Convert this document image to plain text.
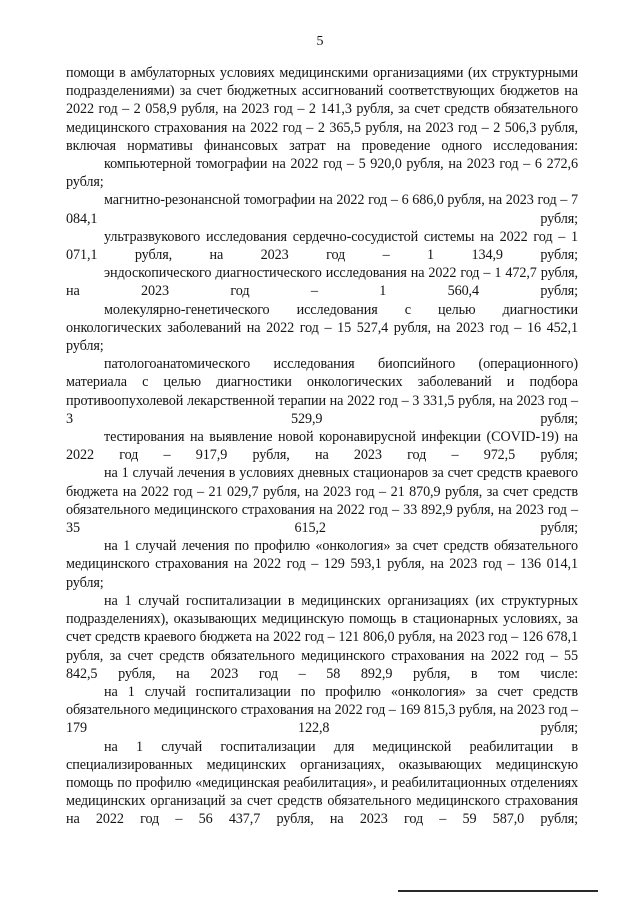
5

помощи в амбулаторных условиях медицинскими организациями (их структурными подразделениями) за счет бюджетных ассигнований соответствующих бюджетов на 2022 год – 2 058,9 рубля, на 2023 год – 2 141,3 рубля, за счет средств обязательного медицинского страхования на 2022 год – 2 365,5 рубля, на 2023 год – 2 506,3 рубля, включая нормативы финансовых затрат на проведение одного исследования:

компьютерной томографии на 2022 год – 5 920,0 рубля, на 2023 год – 6 272,6 рубля;

магнитно-резонансной томографии на 2022 год – 6 686,0 рубля, на 2023 год – 7 084,1 рубля;

ультразвукового исследования сердечно-сосудистой системы на 2022 год – 1 071,1 рубля, на 2023 год – 1 134,9 рубля;

эндоскопического диагностического исследования на 2022 год – 1 472,7 рубля, на 2023 год – 1 560,4 рубля;

молекулярно-генетического исследования с целью диагностики онкологических заболеваний на 2022 год – 15 527,4 рубля, на 2023 год – 16 452,1 рубля;

патологоанатомического исследования биопсийного (операционного) материала с целью диагностики онкологических заболеваний и подбора противоопухолевой лекарственной терапии на 2022 год – 3 331,5 рубля, на 2023 год – 3 529,9 рубля;

тестирования на выявление новой коронавирусной инфекции (COVID-19) на 2022 год – 917,9 рубля, на 2023 год – 972,5 рубля;

на 1 случай лечения в условиях дневных стационаров за счет средств краевого бюджета на 2022 год – 21 029,7 рубля, на 2023 год – 21 870,9 рубля, за счет средств обязательного медицинского страхования на 2022 год – 33 892,9 рубля, на 2023 год – 35 615,2 рубля;

на 1 случай лечения по профилю «онкология» за счет средств обязательного медицинского страхования на 2022 год – 129 593,1 рубля, на 2023 год – 136 014,1 рубля;

на 1 случай госпитализации в медицинских организациях (их структурных подразделениях), оказывающих медицинскую помощь в стационарных условиях, за счет средств краевого бюджета на 2022 год – 121 806,0 рубля, на 2023 год – 126 678,1 рубля, за счет средств обязательного медицинского страхования на 2022 год – 55 842,5 рубля, на 2023 год – 58 892,9 рубля, в том числе:

на 1 случай госпитализации по профилю «онкология» за счет средств обязательного медицинского страхования на 2022 год – 169 815,3 рубля, на 2023 год – 179 122,8 рубля;

на 1 случай госпитализации для медицинской реабилитации в специализированных медицинских организациях, оказывающих медицинскую помощь по профилю «медицинская реабилитация», и реабилитационных отделениях медицинских организаций за счет средств обязательного медицинского страхования на 2022 год – 56 437,7 рубля, на 2023 год – 59 587,0 рубля;
